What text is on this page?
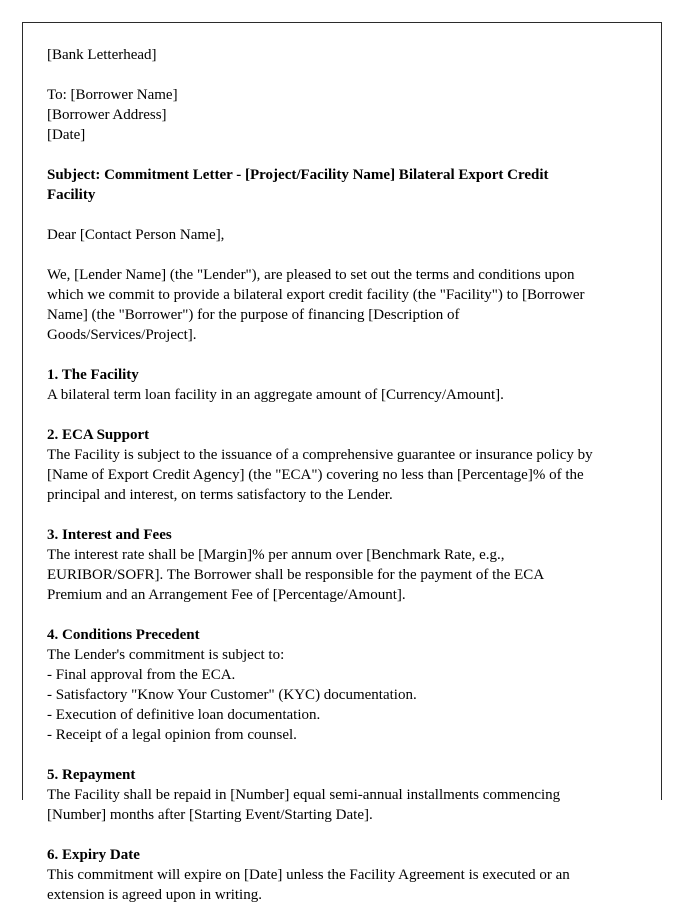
[Bank Letterhead]
To: [Borrower Name]
[Borrower Address]
[Date]
Subject: Commitment Letter - [Project/Facility Name] Bilateral Export Credit
Facility
Dear [Contact Person Name],
We, [Lender Name] (the "Lender"), are pleased to set out the terms and conditions upon
which we commit to provide a bilateral export credit facility (the "Facility") to [Borrower
Name] (the "Borrower") for the purpose of financing [Description of
Goods/Services/Project].
1. The Facility
A bilateral term loan facility in an aggregate amount of [Currency/Amount].
2. ECA Support
The Facility is subject to the issuance of a comprehensive guarantee or insurance policy by
[Name of Export Credit Agency] (the "ECA") covering no less than [Percentage]% of the
principal and interest, on terms satisfactory to the Lender.
3. Interest and Fees
The interest rate shall be [Margin]% per annum over [Benchmark Rate, e.g.,
EURIBOR/SOFR]. The Borrower shall be responsible for the payment of the ECA
Premium and an Arrangement Fee of [Percentage/Amount].
4. Conditions Precedent
The Lender's commitment is subject to:
- Final approval from the ECA.
- Satisfactory "Know Your Customer" (KYC) documentation.
- Execution of definitive loan documentation.
- Receipt of a legal opinion from counsel.
5. Repayment
The Facility shall be repaid in [Number] equal semi-annual installments commencing
[Number] months after [Starting Event/Starting Date].
6. Expiry Date
This commitment will expire on [Date] unless the Facility Agreement is executed or an
extension is agreed upon in writing.
